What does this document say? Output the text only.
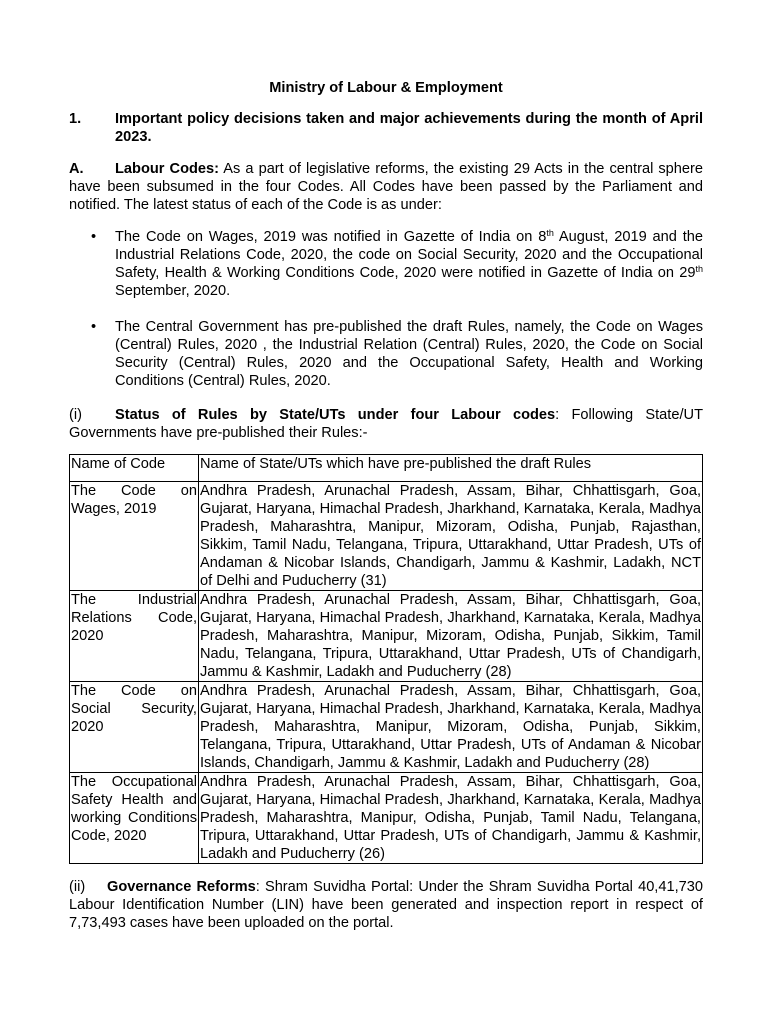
Ministry of Labour & Employment
1.	Important policy decisions taken and major achievements during the month of April 2023.
A. Labour Codes: As a part of legislative reforms, the existing 29 Acts in the central sphere have been subsumed in the four Codes. All Codes have been passed by the Parliament and notified. The latest status of each of the Code is as under:
•	The Code on Wages, 2019 was notified in Gazette of India on 8th August, 2019 and the Industrial Relations Code, 2020, the code on Social Security, 2020 and the Occupational Safety, Health & Working Conditions Code, 2020 were notified in Gazette of India on 29th September, 2020.
•	The Central Government has pre-published the draft Rules, namely, the Code on Wages (Central) Rules, 2020 , the Industrial Relation (Central) Rules, 2020, the Code on Social Security (Central) Rules, 2020 and the Occupational Safety, Health and Working Conditions (Central) Rules, 2020.
(i) Status of Rules by State/UTs under four Labour codes: Following State/UT Governments have pre-published their Rules:-
Name of Code	Name of State/UTs which have pre-published the draft Rules
The Code on Wages, 2019	Andhra Pradesh, Arunachal Pradesh, Assam, Bihar, Chhattisgarh, Goa, Gujarat, Haryana, Himachal Pradesh, Jharkhand, Karnataka, Kerala, Madhya Pradesh, Maharashtra, Manipur, Mizoram, Odisha, Punjab, Rajasthan, Sikkim, Tamil Nadu, Telangana, Tripura, Uttarakhand, Uttar Pradesh, UTs of Andaman & Nicobar Islands, Chandigarh, Jammu & Kashmir, Ladakh, NCT of Delhi and Puducherry (31)
The Industrial Relations Code, 2020	Andhra Pradesh, Arunachal Pradesh, Assam, Bihar, Chhattisgarh, Goa, Gujarat, Haryana, Himachal Pradesh, Jharkhand, Karnataka, Kerala, Madhya Pradesh, Maharashtra, Manipur, Mizoram, Odisha, Punjab, Sikkim, Tamil Nadu, Telangana, Tripura, Uttarakhand, Uttar Pradesh, UTs of Chandigarh, Jammu & Kashmir, Ladakh and Puducherry (28)
The Code on Social Security, 2020	Andhra Pradesh, Arunachal Pradesh, Assam, Bihar, Chhattisgarh, Goa, Gujarat, Haryana, Himachal Pradesh, Jharkhand, Karnataka, Kerala, Madhya Pradesh, Maharashtra, Manipur, Mizoram, Odisha, Punjab, Sikkim, Telangana, Tripura, Uttarakhand, Uttar Pradesh, UTs of Andaman & Nicobar Islands, Chandigarh, Jammu & Kashmir, Ladakh and Puducherry (28)
The Occupational Safety Health and working Conditions Code, 2020	Andhra Pradesh, Arunachal Pradesh, Assam, Bihar, Chhattisgarh, Goa, Gujarat, Haryana, Himachal Pradesh, Jharkhand, Karnataka, Kerala, Madhya Pradesh, Maharashtra, Manipur, Odisha, Punjab, Tamil Nadu, Telangana, Tripura, Uttarakhand, Uttar Pradesh, UTs of Chandigarh, Jammu & Kashmir, Ladakh and Puducherry (26)
(ii) Governance Reforms: Shram Suvidha Portal: Under the Shram Suvidha Portal 40,41,730 Labour Identification Number (LIN) have been generated and inspection report in respect of 7,73,493 cases have been uploaded on the portal.
